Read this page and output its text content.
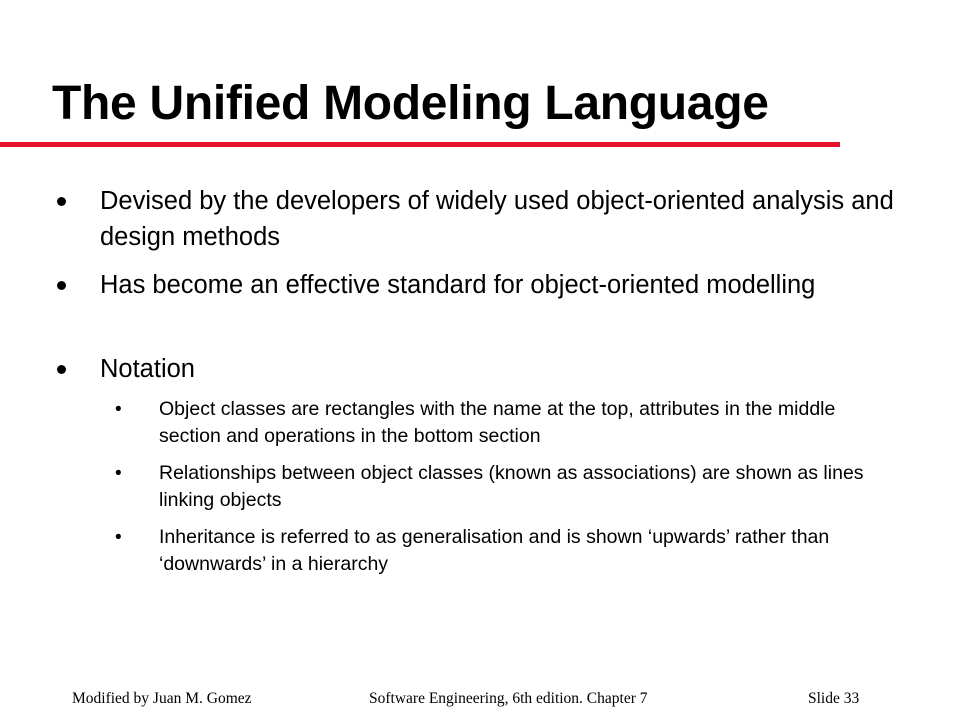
The Unified Modeling Language
Devised by the developers of widely used object-oriented analysis and design methods
Has become an effective standard for object-oriented modelling
Notation
• Object classes are rectangles with the name at the top, attributes in the middle section and operations in the bottom section
• Relationships between object classes (known as associations) are shown as lines linking objects
• Inheritance is referred to as generalisation and is shown ‘upwards’ rather than ‘downwards’ in a hierarchy
Modified by Juan M. Gomez	Software Engineering, 6th edition. Chapter 7	Slide 33
